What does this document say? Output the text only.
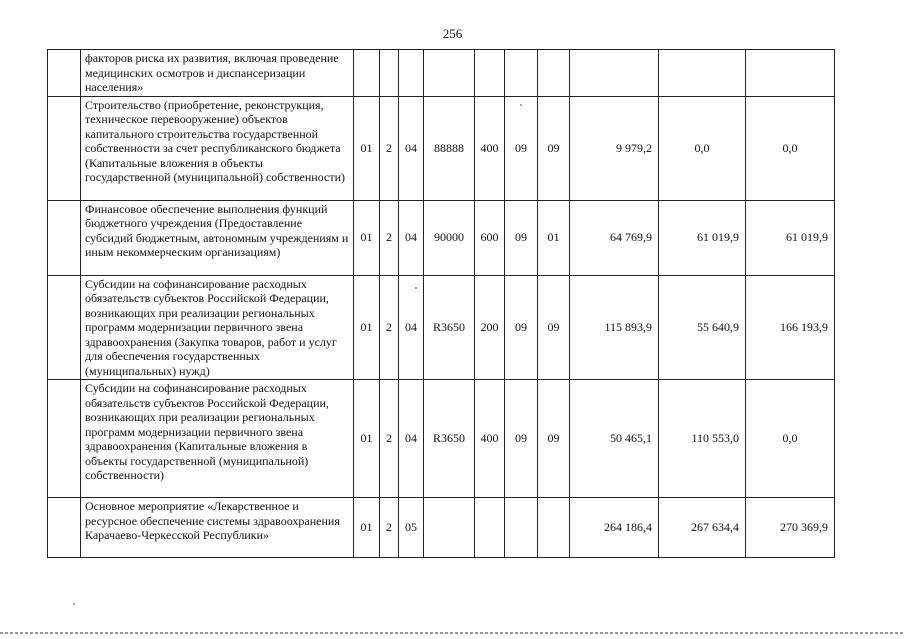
256
	факторов риска их развития, включая проведение медицинских осмотров и диспансеризации населения»										
	Строительство (приобретение, реконструкция, техническое перевооружение) объектов капитального строительства государственной собственности за счет республиканского бюджета (Капитальные вложения в объекты государственной (муниципальной) собственности)	01	2	04	88888	400	09	09	9 979,2	0,0	0,0
	Финансовое обеспечение выполнения функций бюджетного учреждения (Предоставление субсидий бюджетным, автономным учреждениям и иным некоммерческим организациям)	01	2	04	90000	600	09	01	64 769,9	61 019,9	61 019,9
	Субсидии на софинансирование расходных обязательств субъектов Российской Федерации, возникающих при реализации региональных программ модернизации первичного звена здравоохранения (Закупка товаров, работ и услуг для обеспечения государственных (муниципальных) нужд)	01	2	04	R3650	200	09	09	115 893,9	55 640,9	166 193,9
	Субсидии на софинансирование расходных обязательств субъектов Российской Федерации, возникающих при реализации региональных программ модернизации первичного звена здравоохранения (Капитальные вложения в объекты государственной (муниципальной) собственности)	01	2	04	R3650	400	09	09	50 465,1	110 553,0	0,0
	Основное мероприятие «Лекарственное и ресурсное обеспечение системы здравоохранения Карачаево-Черкесской Республики»	01	2	05					264 186,4	267 634,4	270 369,9
